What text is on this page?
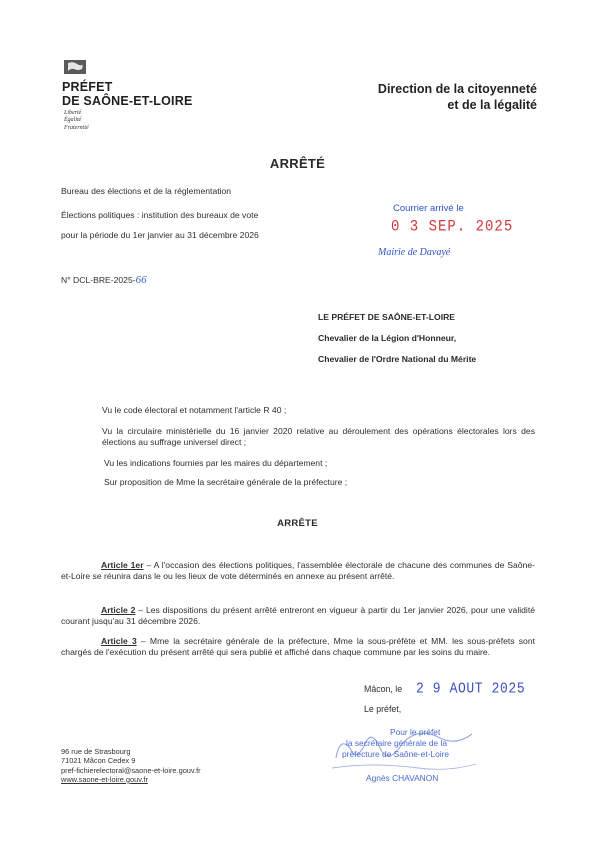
PRÉFET
DE SAÔNE-ET-LOIRE
Liberté
Égalité
Fraternité
Direction de la citoyenneté
et de la légalité
ARRÊTÉ
Bureau des élections et de la réglementation
Élections politiques : institution des bureaux de vote
pour la période du 1er janvier au 31 décembre 2026
N° DCL-BRE-2025-66
Courrier arrivé le
0 3 SEP. 2025
Mairie de Davayé
LE PRÉFET DE SAÔNE-ET-LOIRE
Chevalier de la Légion d'Honneur,
Chevalier de l'Ordre National du Mérite
Vu le code électoral et notamment l'article R 40 ;
Vu la circulaire ministérielle du 16 janvier 2020 relative au déroulement des opérations électorales lors des élections au suffrage universel direct ;
Vu les indications fournies par les maires du département ;
Sur proposition de Mme la secrétaire générale de la préfecture ;
ARRÊTE
Article 1er – A l'occasion des élections politiques, l'assemblée électorale de chacune des communes de Saône-et-Loire se réunira dans le ou les lieux de vote déterminés en annexe au présent arrêté.
Article 2 – Les dispositions du présent arrêté entreront en vigueur à partir du 1er janvier 2026, pour une validité courant jusqu'au 31 décembre 2026.
Article 3 – Mme la secrétaire générale de la préfecture, Mme la sous-préfète et MM. les sous-préfets sont chargés de l'exécution du présent arrêté qui sera publié et affiché dans chaque commune par les soins du maire.
Mâcon, le 2 9 AOUT 2025
Le préfet,
Pour le préfet
la secrétaire générale de la
préfecture de Saône-et-Loire
Agnès CHAVANON
96 rue de Strasbourg
71021 Mâcon Cedex 9
pref-fichierelectoral@saone-et-loire.gouv.fr
www.saone-et-loire.gouv.fr
